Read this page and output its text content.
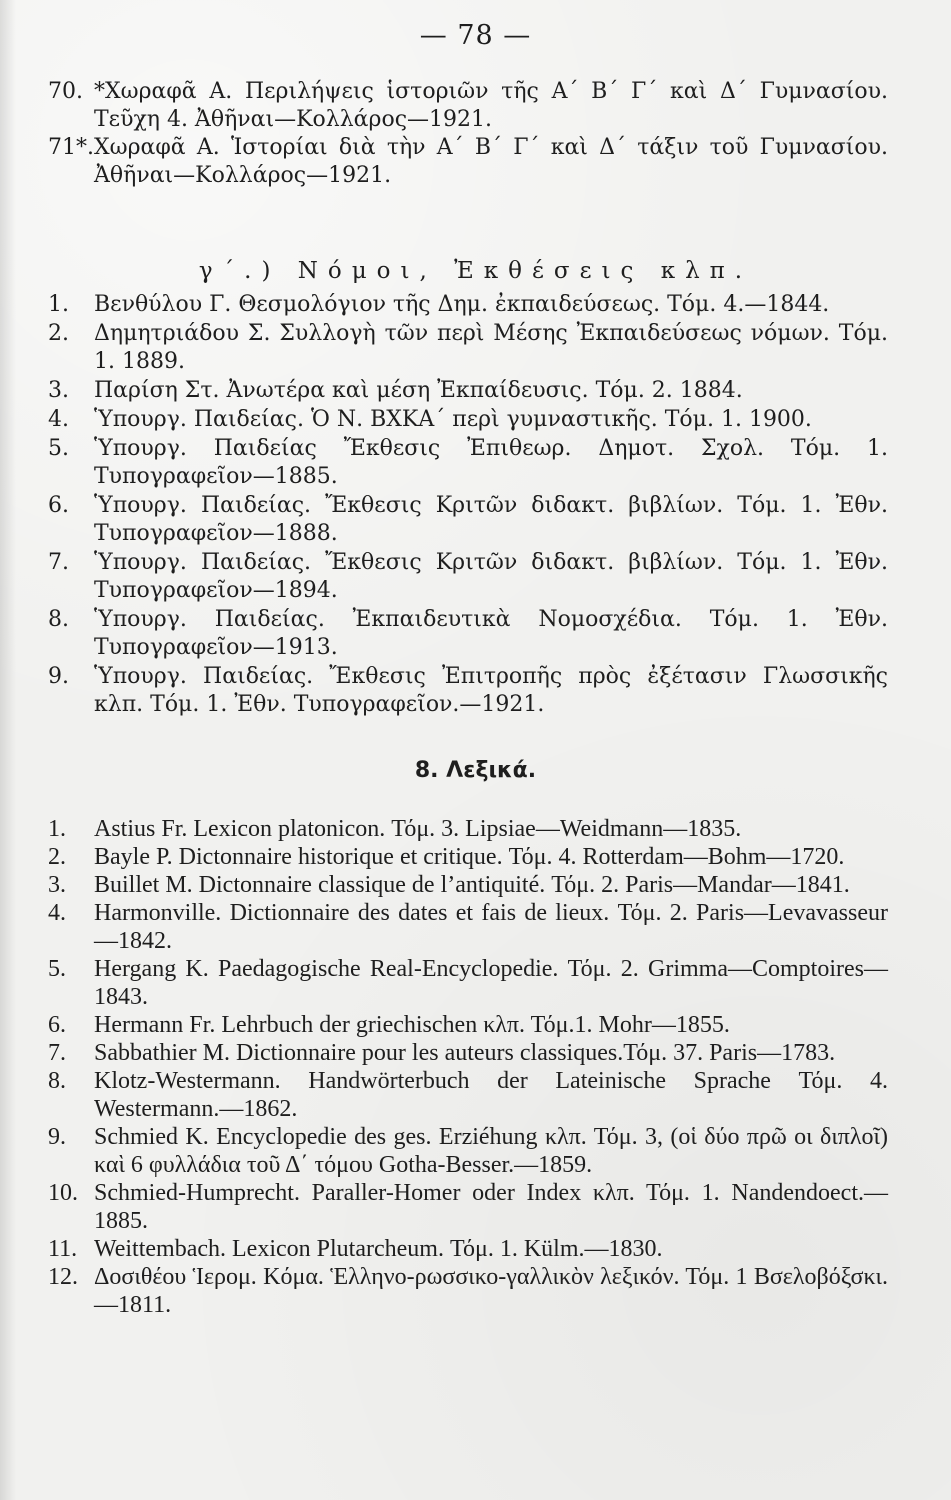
— 78 —

70. *Χωραφᾶ Α. Περιλήψεις ἱστοριῶν τῆς Α΄ Β΄ Γ΄ καὶ Δ΄ Γυμνασίου. Τεῦχη 4. Ἀθῆναι—Κολλάρος—1921.

71*. Χωραφᾶ Α. Ἱστορίαι διὰ τὴν Α΄ Β΄ Γ΄ καὶ Δ΄ τάξιν τοῦ Γυμνασίου. Ἀθῆναι—Κολλάρος—1921.

γ΄.) Νόμοι, Ἐκθέσεις κλπ.

1.	Βενθύλου Γ. Θεσμολόγιον τῆς Δημ. ἐκπαιδεύσεως. Τόμ. 4.—1844.

2.	Δημητριάδου Σ. Συλλογὴ τῶν περὶ Μέσης Ἐκπαιδεύσεως νόμων. Τόμ. 1. 1889.

3.	Παρίση Στ. Ἀνωτέρα καὶ μέση Ἐκπαίδευσις. Τόμ. 2. 1884.

4.	Ὑπουργ. Παιδείας. Ὁ Ν. ΒΧΚΑ΄ περὶ γυμναστικῆς. Τόμ. 1. 1900.

5.	Ὑπουργ. Παιδείας Ἔκθεσις Ἐπιθεωρ. Δημοτ. Σχολ. Τόμ. 1. Τυπογραφεῖον—1885.

6.	Ὑπουργ. Παιδείας. Ἔκθεσις Κριτῶν διδακτ. βιβλίων. Τόμ. 1. Ἐθν. Τυπογραφεῖον—1888.

7.	Ὑπουργ. Παιδείας. Ἔκθεσις Κριτῶν διδακτ. βιβλίων. Τόμ. 1. Ἐθν. Τυπογραφεῖον—1894.

8.	Ὑπουργ. Παιδείας. Ἐκπαιδευτικὰ Νομοσχέδια. Τόμ. 1. Ἐθν. Τυπογραφεῖον—1913.

9.	Ὑπουργ. Παιδείας. Ἔκθεσις Ἐπιτροπῆς πρὸς ἐξέτασιν Γλωσσικῆς κλπ. Τόμ. 1. Ἐθν. Τυπογραφεῖον.—1921.

8. Λεξικά.

1.	Astius Fr. Lexicon platonicon. Τόμ. 3. Lipsiae—Weidmann—1835.

2.	Bayle P. Dictonnaire historique et critique. Τόμ. 4. Rotterdam—Bohm—1720.

3.	Buillet M. Dictonnaire classique de l’antiquité. Τόμ. 2. Paris—Mandar—1841.

4.	Harmonville. Dictionnaire des dates et fais de lieux. Τόμ. 2. Paris—Levavasseur—1842.

5.	Hergang K. Paedagogische Real-Encyclopedie. Τόμ. 2. Grimma—Comptoires—1843.

6.	Hermann Fr. Lehrbuch der griechischen κλπ. Τόμ.1. Mohr—1855.

7.	Sabbathier M. Dictionnaire pour les auteurs classiques.Τόμ. 37. Paris—1783.

8.	Klotz-Westermann. Handwörterbuch der Lateinische Sprache Τόμ. 4. Westermann.—1862.

9.	Schmied K. Encyclopedie des ges. Erziéhung κλπ. Τόμ. 3, (οἱ δύο πρῶ οι διπλοῖ) καὶ 6 φυλλάδια τοῦ Δ΄ τόμου Gotha-Besser.—1859.

10. Schmied-Humprecht. Paraller-Homer oder Index κλπ. Τόμ. 1. Nandendoect.—1885.

11. Weittembach. Lexicon Plutarcheum. Τόμ. 1. Külm.—1830.

12. Δοσιθέου Ἱερομ. Κόμα. Ἑλληνο-ρωσσικο-γαλλικὸν λεξικόν. Τόμ. 1 Βσελοβόξσκι.—1811.
